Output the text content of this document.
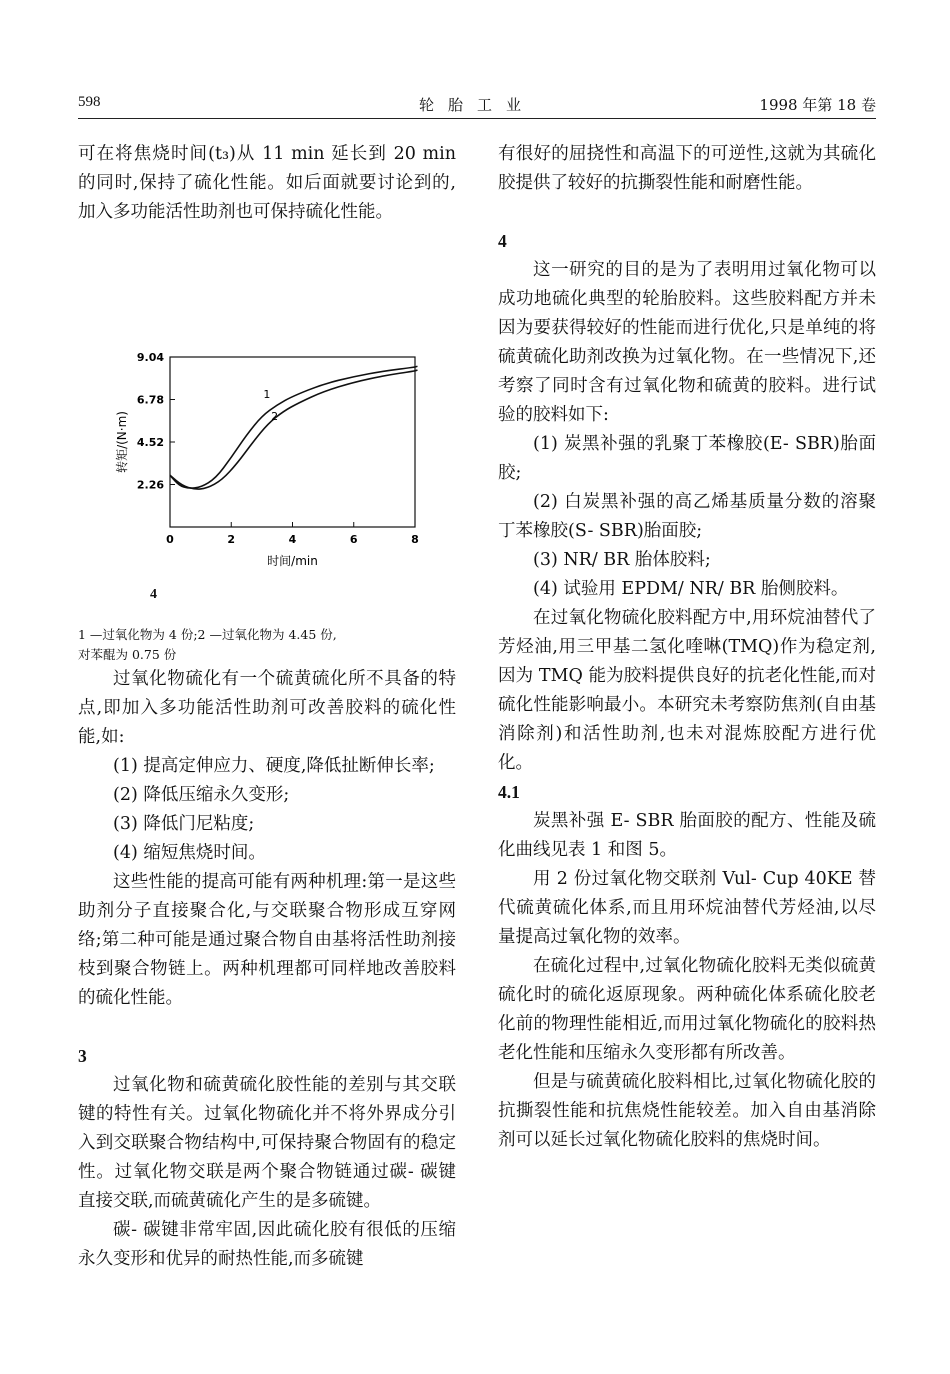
598	轮胎工业	1998 年第 18 卷

可在将焦烧时间(t₃)从 11 min 延长到 20 min 的同时,保持了硫化性能。如后面就要讨论到的,加入多功能活性助剂也可保持硫化性能。

0	2	4	6	8
2.26
4.52
6.78
9.04
时间/min
转矩/(N·m)
1
2
4

1 —过氧化物为 4 份;2 —过氧化物为 4.45 份,

对苯醌为 0.75 份

过氧化物硫化有一个硫黄硫化所不具备的特点,即加入多功能活性助剂可改善胶料的硫化性能,如:

(1) 提高定伸应力、硬度,降低扯断伸长率;

(2) 降低压缩永久变形;

(3) 降低门尼粘度;

(4) 缩短焦烧时间。

这些性能的提高可能有两种机理:第一是这些助剂分子直接聚合化,与交联聚合物形成互穿网络;第二种可能是通过聚合物自由基将活性助剂接枝到聚合物链上。两种机理都可同样地改善胶料的硫化性能。

3

过氧化物和硫黄硫化胶性能的差别与其交联键的特性有关。过氧化物硫化并不将外界成分引入到交联聚合物结构中,可保持聚合物固有的稳定性。过氧化物交联是两个聚合物链通过碳- 碳键直接交联,而硫黄硫化产生的是多硫键。

碳- 碳键非常牢固,因此硫化胶有很低的压缩永久变形和优异的耐热性能,而多硫键

有很好的屈挠性和高温下的可逆性,这就为其硫化胶提供了较好的抗撕裂性能和耐磨性能。

4

这一研究的目的是为了表明用过氧化物可以成功地硫化典型的轮胎胶料。这些胶料配方并未因为要获得较好的性能而进行优化,只是单纯的将硫黄硫化助剂改换为过氧化物。在一些情况下,还考察了同时含有过氧化物和硫黄的胶料。进行试验的胶料如下:

(1) 炭黑补强的乳聚丁苯橡胶(E- SBR)胎面胶;

(2) 白炭黑补强的高乙烯基质量分数的溶聚丁苯橡胶(S- SBR)胎面胶;

(3) NR/ BR 胎体胶料;

(4) 试验用 EPDM/ NR/ BR 胎侧胶料。

在过氧化物硫化胶料配方中,用环烷油替代了芳烃油,用三甲基二氢化喹啉(TMQ)作为稳定剂,因为 TMQ 能为胶料提供良好的抗老化性能,而对硫化性能影响最小。本研究未考察防焦剂(自由基消除剂)和活性助剂,也未对混炼胶配方进行优化。

4.1

炭黑补强 E- SBR 胎面胶的配方、性能及硫化曲线见表 1 和图 5。

用 2 份过氧化物交联剂 Vul- Cup 40KE 替代硫黄硫化体系,而且用环烷油替代芳烃油,以尽量提高过氧化物的效率。

在硫化过程中,过氧化物硫化胶料无类似硫黄硫化时的硫化返原现象。两种硫化体系硫化胶老化前的物理性能相近,而用过氧化物硫化的胶料热老化性能和压缩永久变形都有所改善。

但是与硫黄硫化胶料相比,过氧化物硫化胶的抗撕裂性能和抗焦烧性能较差。加入自由基消除剂可以延长过氧化物硫化胶料的焦烧时间。
